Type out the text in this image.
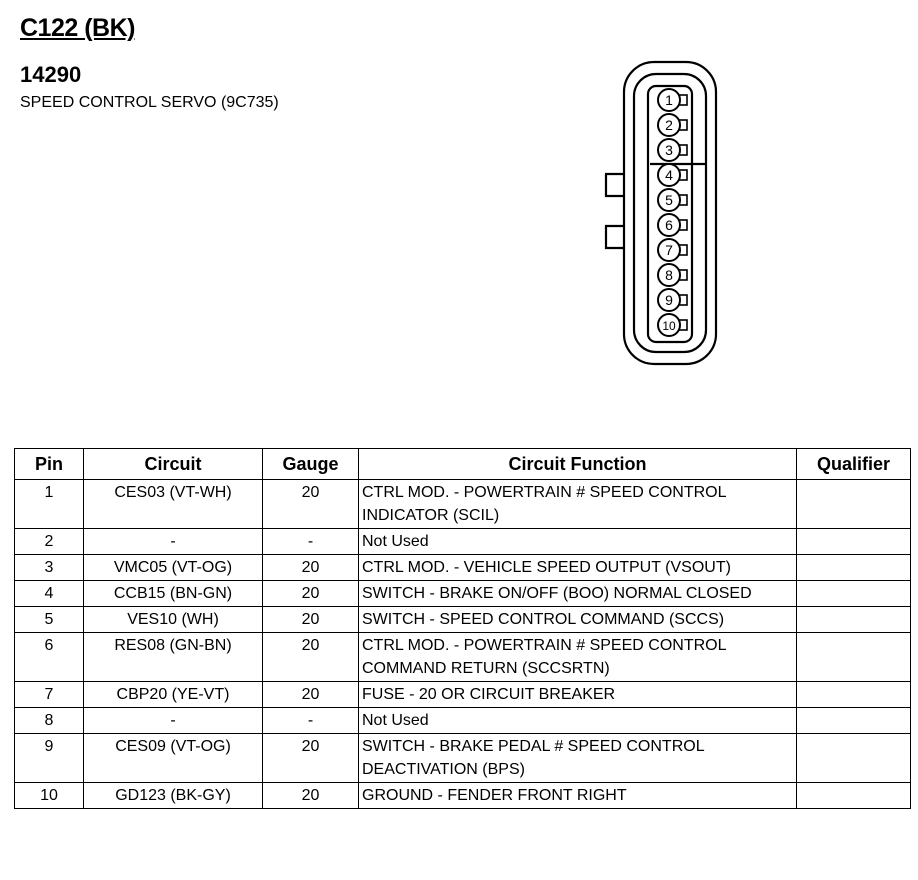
C122 (BK)
14290
SPEED CONTROL SERVO (9C735)	1
2
3
4
5
6
7
8
9
10
Pin	Circuit	Gauge	Circuit Function	Qualifier
1	CES03 (VT-WH)	20	CTRL MOD. - POWERTRAIN # SPEED CONTROL INDICATOR (SCIL)	
2	-	-	Not Used	
3	VMC05 (VT-OG)	20	CTRL MOD. - VEHICLE SPEED OUTPUT (VSOUT)	
4	CCB15 (BN-GN)	20	SWITCH - BRAKE ON/OFF (BOO) NORMAL CLOSED	
5	VES10 (WH)	20	SWITCH - SPEED CONTROL COMMAND (SCCS)	
6	RES08 (GN-BN)	20	CTRL MOD. - POWERTRAIN # SPEED CONTROL COMMAND RETURN (SCCSRTN)	
7	CBP20 (YE-VT)	20	FUSE - 20 OR CIRCUIT BREAKER	
8	-	-	Not Used	
9	CES09 (VT-OG)	20	SWITCH - BRAKE PEDAL # SPEED CONTROL DEACTIVATION (BPS)	
10	GD123 (BK-GY)	20	GROUND - FENDER FRONT RIGHT	
